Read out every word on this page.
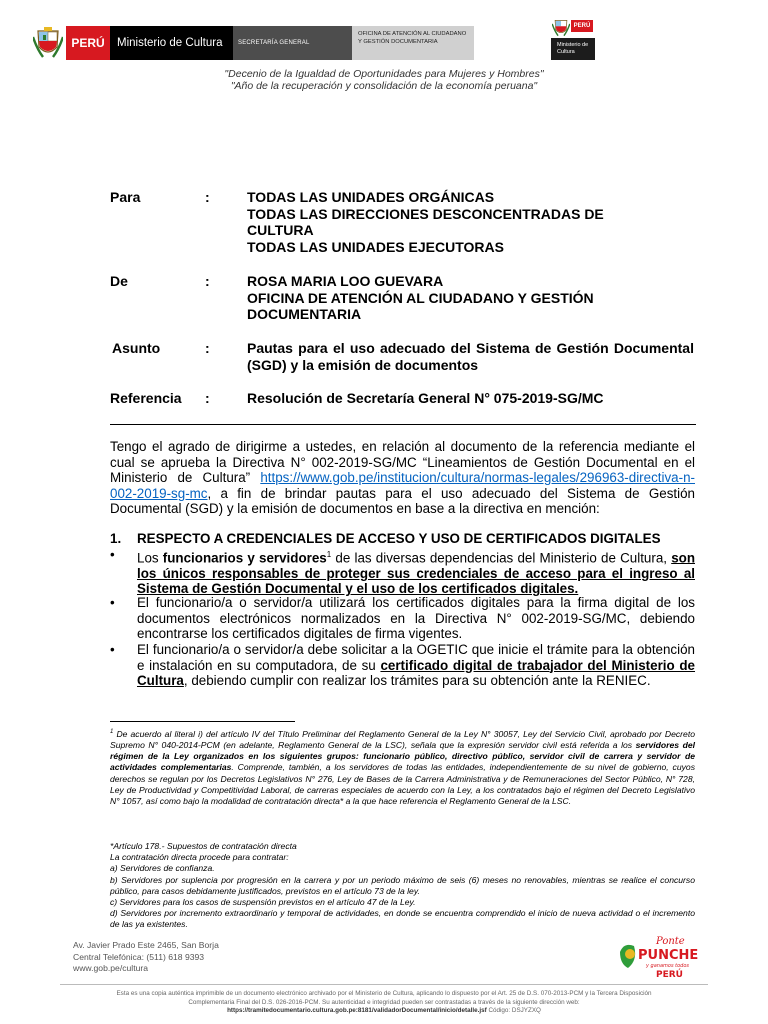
PERÚ Ministerio de Cultura	SECRETARÍA GENERAL
OFICINA DE ATENCIÓN AL CIUDADANO Y GESTIÓN DOCUMENTARIA
PERÚ
Ministerio de Cultura
"Decenio de la Igualdad de Oportunidades para Mujeres y Hombres"
"Año de la recuperación y consolidación de la economía peruana"
Para	:	TODAS LAS UNIDADES ORGÁNICAS
TODAS LAS DIRECCIONES DESCONCENTRADAS DE
CULTURA
TODAS LAS UNIDADES EJECUTORAS
De	:	ROSA MARIA LOO GUEVARA
OFICINA DE ATENCIÓN AL CIUDADANO Y GESTIÓN
DOCUMENTARIA
Asunto	:	Pautas para el uso adecuado del Sistema de Gestión Documental (SGD) y la emisión de documentos
Referencia :	Resolución de Secretaría General N° 075-2019-SG/MC
Tengo el agrado de dirigirme a ustedes, en relación al documento de la referencia mediante el cual se aprueba la Directiva N° 002-2019-SG/MC “Lineamientos de Gestión Documental en el Ministerio de Cultura” https://www.gob.pe/institucion/cultura/normas-legales/296963-directiva-n-002-2019-sg-mc, a fin de brindar pautas para el uso adecuado del Sistema de Gestión Documental (SGD) y la emisión de documentos en base a la directiva en mención:
1. RESPECTO A CREDENCIALES DE ACCESO Y USO DE CERTIFICADOS DIGITALES
• Los funcionarios y servidores$^1$ de las diversas dependencias del Ministerio de Cultura, son los únicos responsables de proteger sus credenciales de acceso para el ingreso al Sistema de Gestión Documental y el uso de los certificados digitales.
• El funcionario/a o servidor/a utilizará los certificados digitales para la firma digital de los documentos electrónicos normalizados en la Directiva N° 002-2019-SG/MC, debiendo encontrarse los certificados digitales de firma vigentes.
• El funcionario/a o servidor/a debe solicitar a la OGETIC que inicie el trámite para la obtención e instalación en su computadora, de su certificado digital de trabajador del Ministerio de Cultura, debiendo cumplir con realizar los trámites para su obtención ante la RENIEC.
$^1$ De acuerdo al literal i) del artículo IV del Título Preliminar del Reglamento General de la Ley N° 30057, Ley del Servicio Civil, aprobado por Decreto Supremo N° 040-2014-PCM (en adelante, Reglamento General de la LSC), señala que la expresión servidor civil está referida a los servidores del régimen de la Ley organizados en los siguientes grupos: funcionario público, directivo público, servidor civil de carrera y servidor de actividades complementarias. Comprende, también, a los servidores de todas las entidades, independientemente de su nivel de gobierno, cuyos derechos se regulan por los Decretos Legislativos N° 276, Ley de Bases de la Carrera Administrativa y de Remuneraciones del Sector Público, N° 728, Ley de Productividad y Competitividad Laboral, de carreras especiales de acuerdo con la Ley, a los contratados bajo el régimen del Decreto Legislativo N° 1057, así como bajo la modalidad de contratación directa* a la que hace referencia el Reglamento General de la LSC.
*Artículo 178.- Supuestos de contratación directa
La contratación directa procede para contratar:
a) Servidores de confianza.
b) Servidores por suplencia por progresión en la carrera y por un periodo máximo de seis (6) meses no renovables, mientras se realice el concurso público, para casos debidamente justificados, previstos en el artículo 73 de la ley.
c) Servidores para los casos de suspensión previstos en el artículo 47 de la Ley.
d) Servidores por incremento extraordinario y temporal de actividades, en donde se encuentra comprendido el inicio de nueva actividad o el incremento de las ya existentes.
Av. Javier Prado Este 2465, San Borja
Central Telefónica: (511) 618 9393
www.gob.pe/cultura
Ponte
PUNCHE
y ganamos todos
PERÚ
Esta es una copia auténtica imprimible de un documento electrónico archivado por el Ministerio de Cultura, aplicando lo dispuesto por el Art. 25 de D.S. 070-2013-PCM y la Tercera Disposición
Complementaria Final del D.S. 026-2016-PCM. Su autenticidad e integridad pueden ser contrastadas a través de la siguiente dirección web:
https://tramitedocumentario.cultura.gob.pe:8181/validadorDocumental/inicio/detalle.jsf Código: DSJYZXQ
